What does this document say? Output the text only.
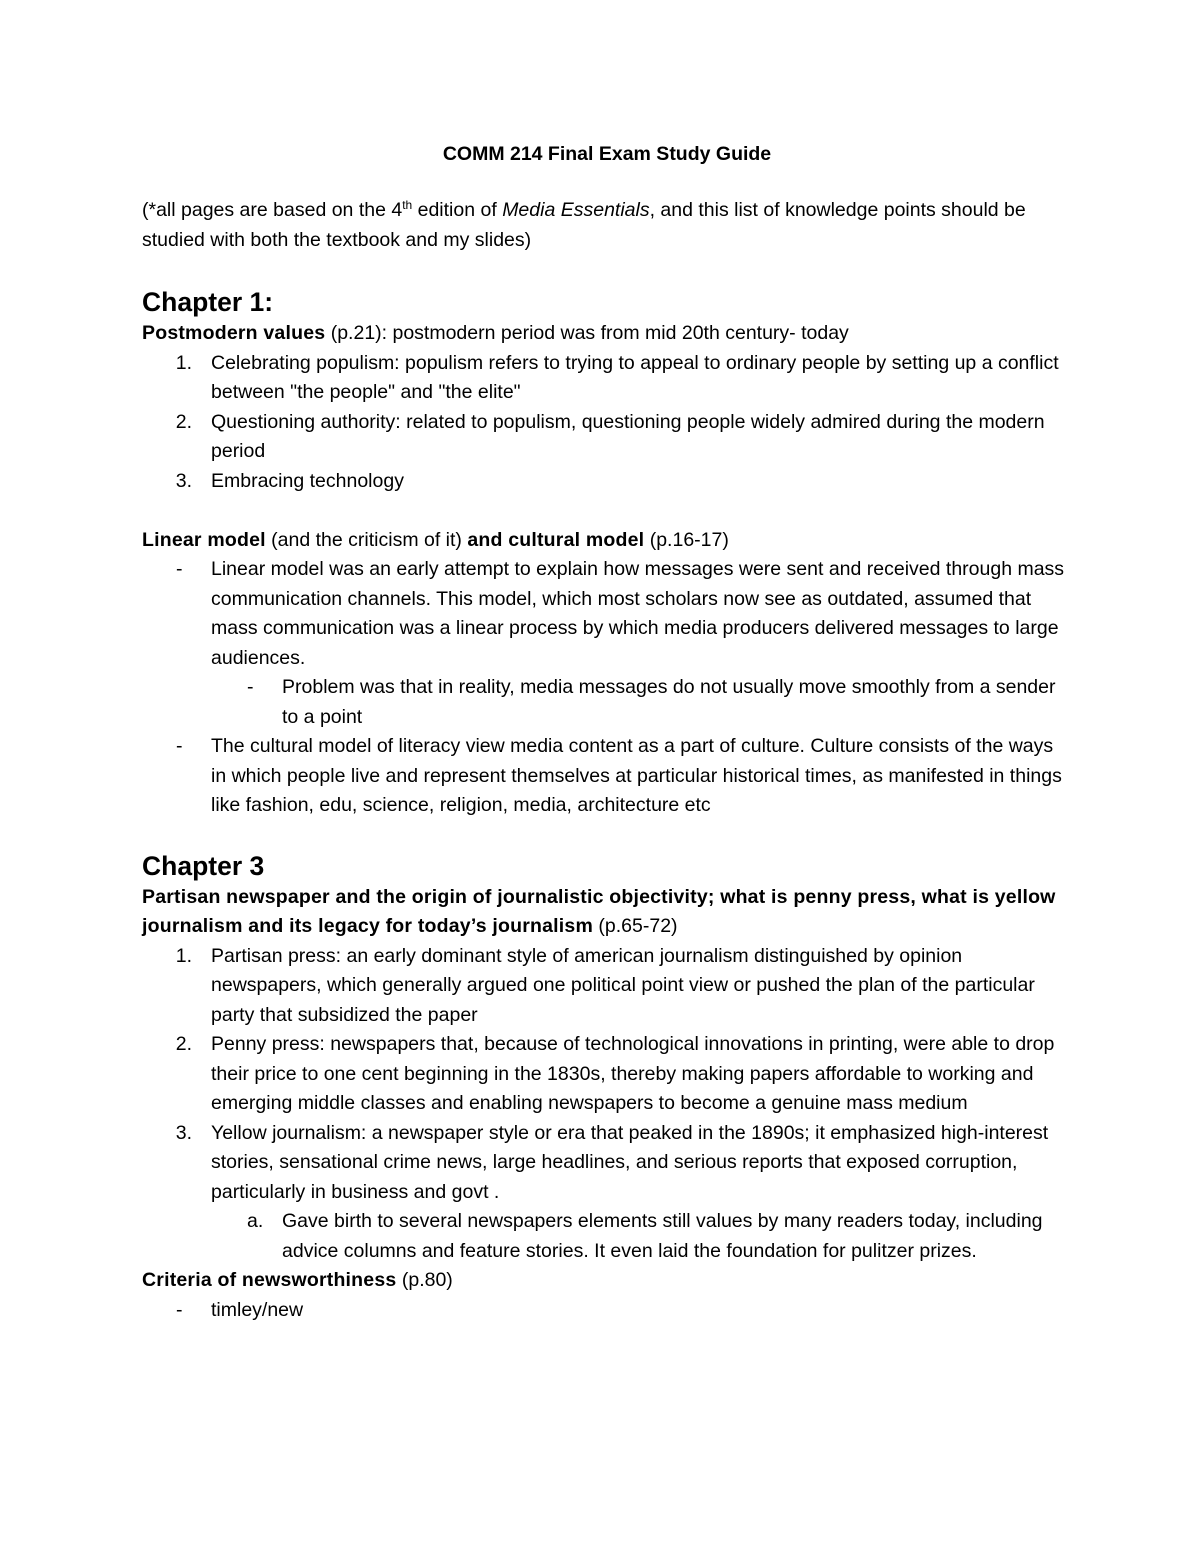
COMM 214 Final Exam Study Guide

(*all pages are based on the 4th edition of Media Essentials, and this list of knowledge points should be studied with both the textbook and my slides)

Chapter 1:

Postmodern values (p.21): postmodern period was from mid 20th century- today

1. Celebrating populism: populism refers to trying to appeal to ordinary people by setting up a conflict between "the people" and "the elite"
2. Questioning authority: related to populism, questioning people widely admired during the modern period
3. Embracing technology

Linear model (and the criticism of it) and cultural model (p.16-17)

- Linear model was an early attempt to explain how messages were sent and received through mass communication channels. This model, which most scholars now see as outdated, assumed that mass communication was a linear process by which media producers delivered messages to large audiences.
- Problem was that in reality, media messages do not usually move smoothly from a sender to a point
- The cultural model of literacy view media content as a part of culture. Culture consists of the ways in which people live and represent themselves at particular historical times, as manifested in things like fashion, edu, science, religion, media, architecture etc
Chapter 3

Partisan newspaper and the origin of journalistic objectivity; what is penny press, what is yellow journalism and its legacy for today’s journalism (p.65-72)

1. Partisan press: an early dominant style of american journalism distinguished by opinion newspapers, which generally argued one political point view or pushed the plan of the particular party that subsidized the paper
2. Penny press: newspapers that, because of technological innovations in printing, were able to drop their price to one cent beginning in the 1830s, thereby making papers affordable to working and emerging middle classes and enabling newspapers to become a genuine mass medium
3. Yellow journalism: a newspaper style or era that peaked in the 1890s; it emphasized high-interest stories, sensational crime news, large headlines, and serious reports that exposed corruption, particularly in business and govt .
a. Gave birth to several newspapers elements still values by many readers today, including advice columns and feature stories. It even laid the foundation for pulitzer prizes.

Criteria of newsworthiness (p.80)

- timley/new
